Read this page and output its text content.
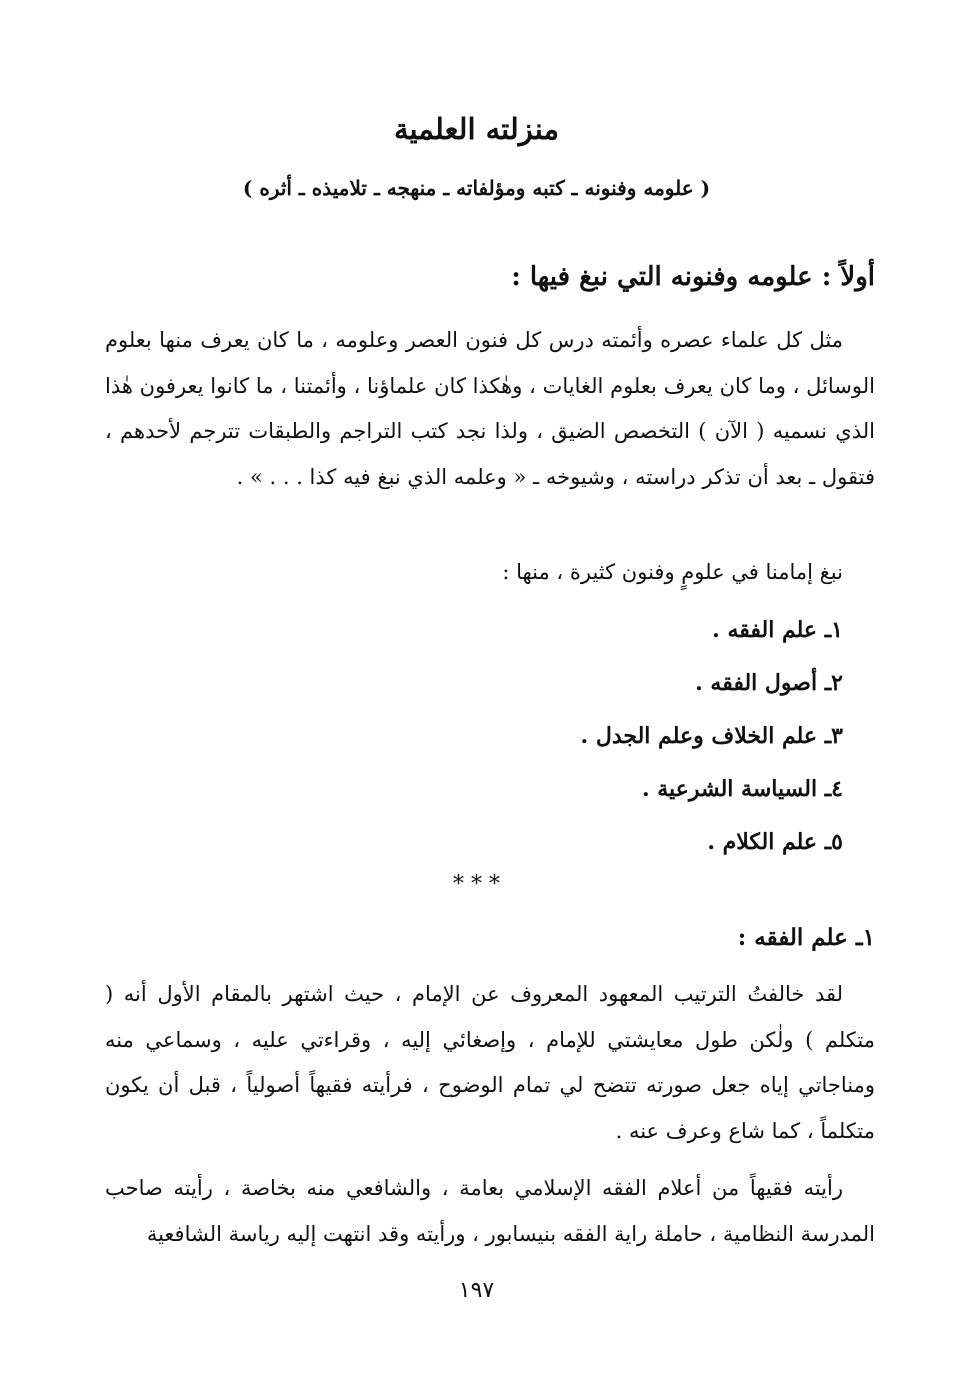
منزلته العلمية
( علومه وفنونه ـ كتبه ومؤلفاته ـ منهجه ـ تلاميذه ـ أثره )
أولاً : علومه وفنونه التي نبغ فيها :

مثل كل علماء عصره وأئمته درس كل فنون العصر وعلومه ، ما كان يعرف منها بعلوم الوسائل ، وما كان يعرف بعلوم الغايات ، وهٰكذا كان علماؤنا ، وأئمتنا ، ما كانوا يعرفون هٰذا الذي نسميه ( الآن ) التخصص الضيق ، ولذا نجد كتب التراجم والطبقات تترجم لأحدهم ، فتقول ـ بعد أن تذكر دراسته ، وشيوخه ـ « وعلمه الذي نبغ فيه كذا . . . » .

نبغ إمامنا في علومٍ وفنون كثيرة ، منها :
١ـ علم الفقه .
٢ـ أصول الفقه .
٣ـ علم الخلاف وعلم الجدل .
٤ـ السياسة الشرعية .
٥ـ علم الكلام .
* * *
١ـ علم الفقه :

لقد خالفتُ الترتيب المعهود المعروف عن الإمام ، حيث اشتهر بالمقام الأول أنه ( متكلم ) ولٰكن طول معايشتي للإمام ، وإصغائي إليه ، وقراءتي عليه ، وسماعي منه ومناجاتي إياه جعل صورته تتضح لي تمام الوضوح ، فرأيته فقيهاً أصولياً ، قبل أن يكون متكلماً ، كما شاع وعرف عنه .

رأيته فقيهاً من أعلام الفقه الإسلامي بعامة ، والشافعي منه بخاصة ، رأيته صاحب المدرسة النظامية ، حاملة راية الفقه بنيسابور ، ورأيته وقد انتهت إليه رياسة الشافعية

١٩٧
